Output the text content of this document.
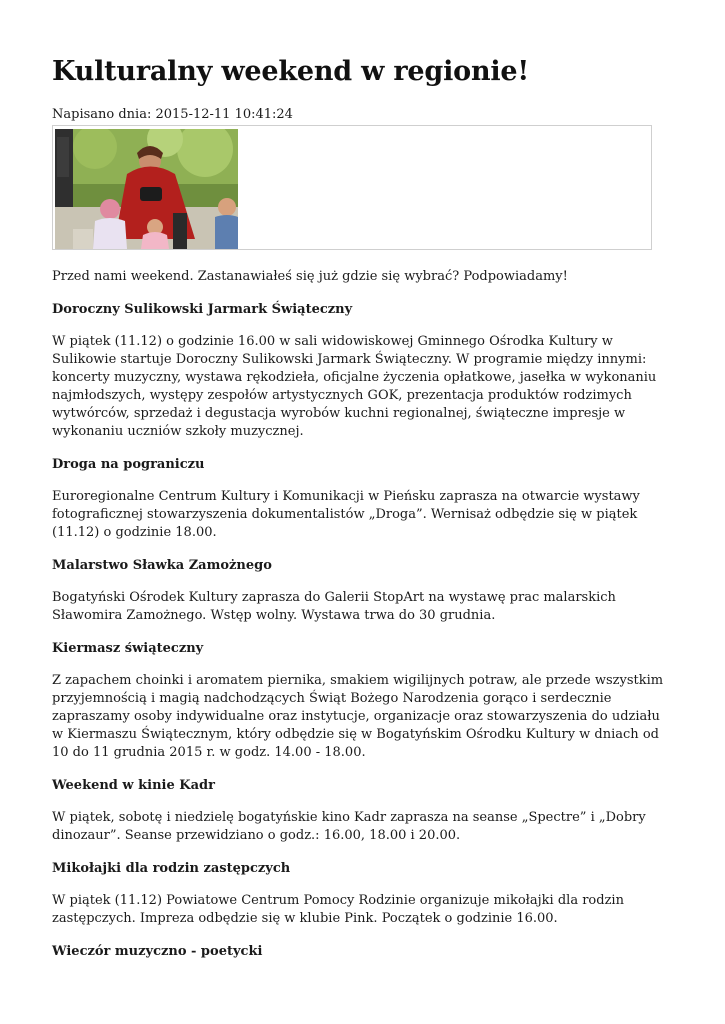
Kulturalny weekend w regionie!
Napisano dnia: 2015-12-11 10:41:24

Przed nami weekend. Zastanawiałeś się już gdzie się wybrać? Podpowiadamy!

Doroczny Sulikowski Jarmark Świąteczny

W piątek (11.12) o godzinie 16.00 w sali widowiskowej Gminnego Ośrodka Kultury w Sulikowie startuje Doroczny Sulikowski Jarmark Świąteczny. W programie między innymi: koncerty muzyczny, wystawa rękodzieła, oficjalne życzenia opłatkowe, jasełka w wykonaniu najmłodszych, występy zespołów artystycznych GOK, prezentacja produktów rodzimych wytwórców, sprzedaż i degustacja wyrobów kuchni regionalnej, świąteczne impresje w wykonaniu uczniów szkoły muzycznej.

Droga na pograniczu

Euroregionalne Centrum Kultury i Komunikacji w Pieńsku zaprasza na otwarcie wystawy fotograficznej stowarzyszenia dokumentalistów „Droga”. Wernisaż odbędzie się w piątek (11.12) o godzinie 18.00.

Malarstwo Sławka Zamożnego

Bogatyński Ośrodek Kultury zaprasza do Galerii StopArt na wystawę prac malarskich Sławomira Zamożnego. Wstęp wolny. Wystawa trwa do 30 grudnia.

Kiermasz świąteczny

Z zapachem choinki i aromatem piernika, smakiem wigilijnych potraw, ale przede wszystkim przyjemnością i magią nadchodzących Świąt Bożego Narodzenia gorąco i serdecznie zapraszamy osoby indywidualne oraz instytucje, organizacje oraz stowarzyszenia do udziału w Kiermaszu Świątecznym, który odbędzie się w Bogatyńskim Ośrodku Kultury w dniach od 10 do 11 grudnia 2015 r. w godz. 14.00 - 18.00.

Weekend w kinie Kadr

W piątek, sobotę i niedzielę bogatyńskie kino Kadr zaprasza na seanse „Spectre” i „Dobry dinozaur”. Seanse przewidziano o godz.: 16.00, 18.00 i 20.00.

Mikołajki dla rodzin zastępczych

W piątek (11.12) Powiatowe Centrum Pomocy Rodzinie organizuje mikołajki dla rodzin zastępczych. Impreza odbędzie się w klubie Pink. Początek o godzinie 16.00.

Wieczór muzyczno - poetycki
